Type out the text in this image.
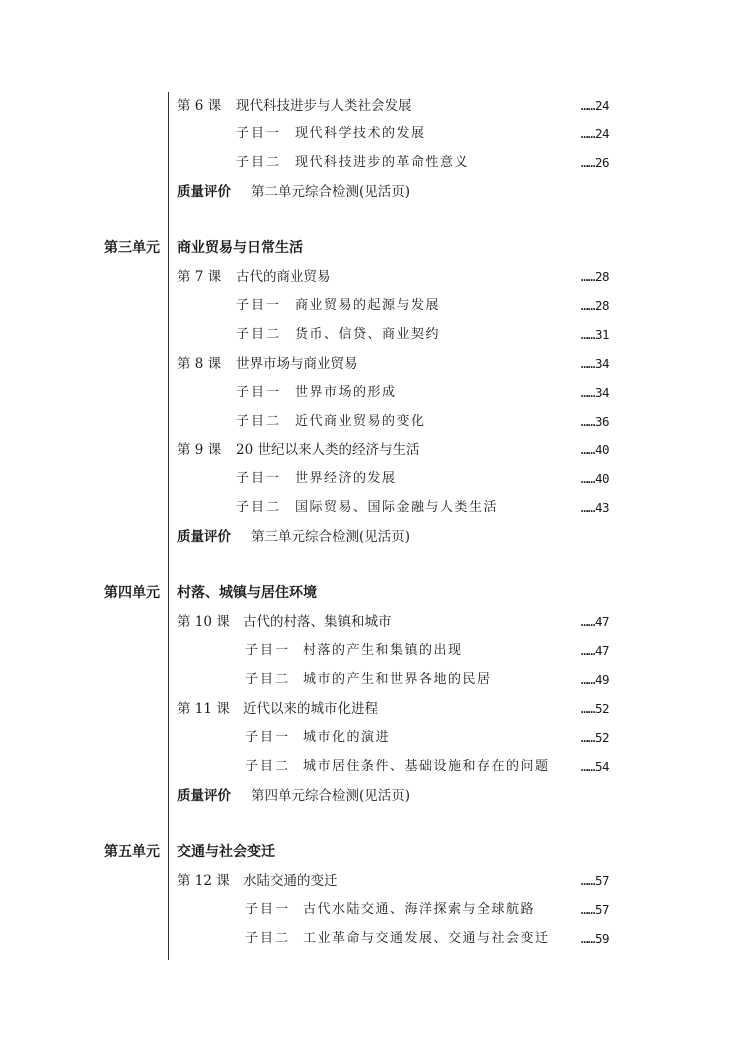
第 6 课 现代科技进步与人类社会发展	……24
子目一 现代科学技术的发展	……24
子目二 现代科技进步的革命性意义	……26
质量评价 第二单元综合检测(见活页)
第三单元 商业贸易与日常生活
第 7 课 古代的商业贸易	……28
子目一 商业贸易的起源与发展	……28
子目二 货币、信贷、商业契约	……31
第 8 课 世界市场与商业贸易	……34
子目一 世界市场的形成	……34
子目二 近代商业贸易的变化	……36
第 9 课 20 世纪以来人类的经济与生活	……40
子目一 世界经济的发展	……40
子目二 国际贸易、国际金融与人类生活	……43
质量评价 第三单元综合检测(见活页)
第四单元 村落、城镇与居住环境
第 10 课 古代的村落、集镇和城市	……47
子目一 村落的产生和集镇的出现	……47
子目二 城市的产生和世界各地的民居	……49
第 11 课 近代以来的城市化进程	……52
子目一 城市化的演进	……52
子目二 城市居住条件、基础设施和存在的问题	……54
质量评价 第四单元综合检测(见活页)
第五单元 交通与社会变迁
第 12 课 水陆交通的变迁	……57
子目一 古代水陆交通、海洋探索与全球航路	……57
子目二 工业革命与交通发展、交通与社会变迁	……59
